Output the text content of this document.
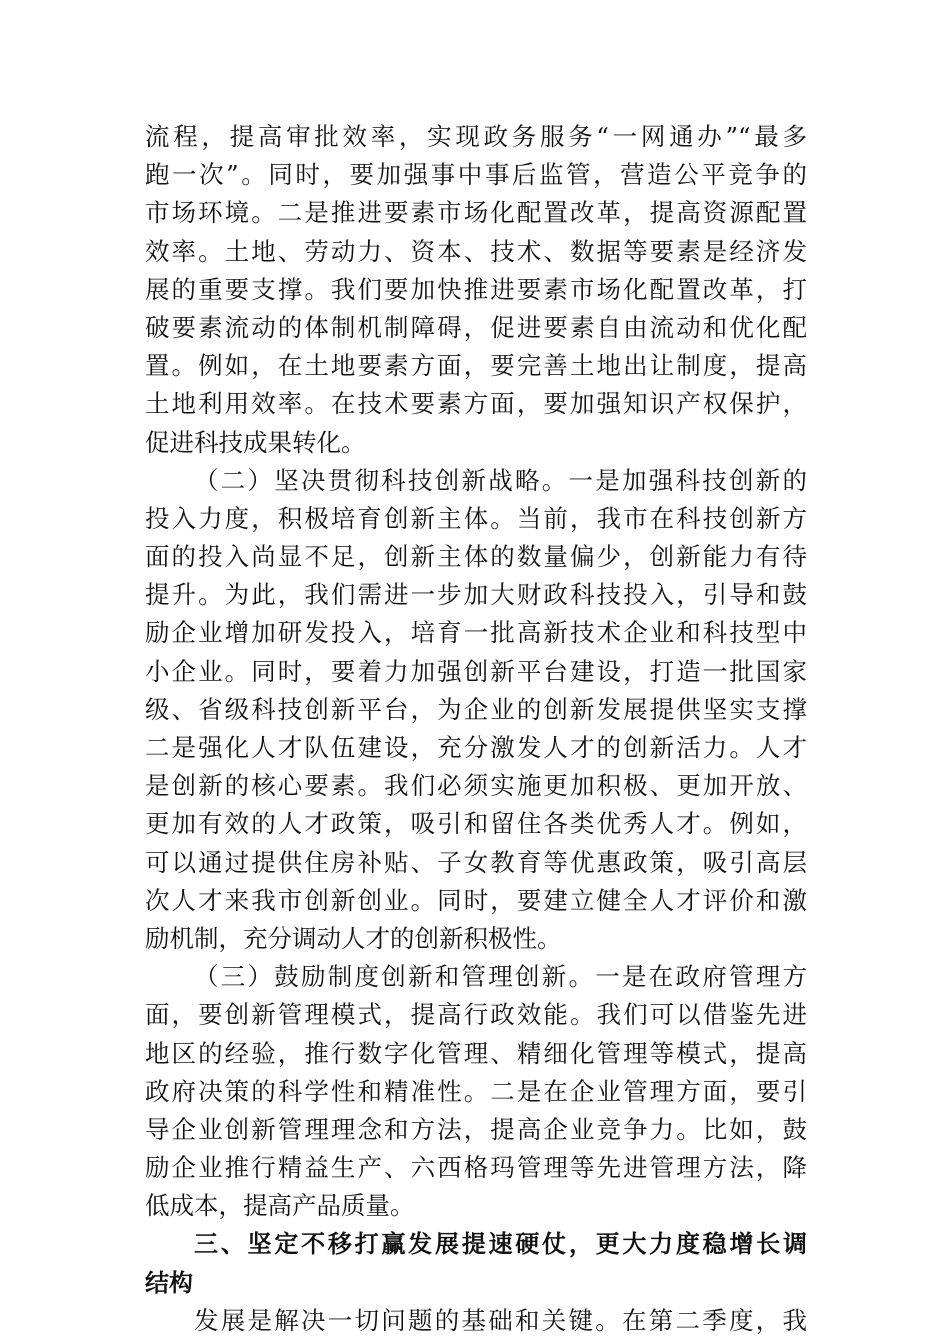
流程，提高审批效率，实现政务服务“一网通办”“最多
跑一次”。同时，要加强事中事后监管，营造公平竞争的
市场环境。二是推进要素市场化配置改革，提高资源配置
效率。土地、劳动力、资本、技术、数据等要素是经济发
展的重要支撑。我们要加快推进要素市场化配置改革，打
破要素流动的体制机制障碍，促进要素自由流动和优化配
置。例如，在土地要素方面，要完善土地出让制度，提高
土地利用效率。在技术要素方面，要加强知识产权保护，
促进科技成果转化。
（二）坚决贯彻科技创新战略。一是加强科技创新的
投入力度，积极培育创新主体。当前，我市在科技创新方
面的投入尚显不足，创新主体的数量偏少，创新能力有待
提升。为此，我们需进一步加大财政科技投入，引导和鼓
励企业增加研发投入，培育一批高新技术企业和科技型中
小企业。同时，要着力加强创新平台建设，打造一批国家
级、省级科技创新平台，为企业的创新发展提供坚实支撑
二是强化人才队伍建设，充分激发人才的创新活力。人才
是创新的核心要素。我们必须实施更加积极、更加开放、
更加有效的人才政策，吸引和留住各类优秀人才。例如，
可以通过提供住房补贴、子女教育等优惠政策，吸引高层
次人才来我市创新创业。同时，要建立健全人才评价和激
励机制，充分调动人才的创新积极性。
（三）鼓励制度创新和管理创新。一是在政府管理方
面，要创新管理模式，提高行政效能。我们可以借鉴先进
地区的经验，推行数字化管理、精细化管理等模式，提高
政府决策的科学性和精准性。二是在企业管理方面，要引
导企业创新管理理念和方法，提高企业竞争力。比如，鼓
励企业推行精益生产、六西格玛管理等先进管理方法，降
低成本，提高产品质量。
三、坚定不移打赢发展提速硬仗，更大力度稳增长调
结构
发展是解决一切问题的基础和关键。在第二季度，我
